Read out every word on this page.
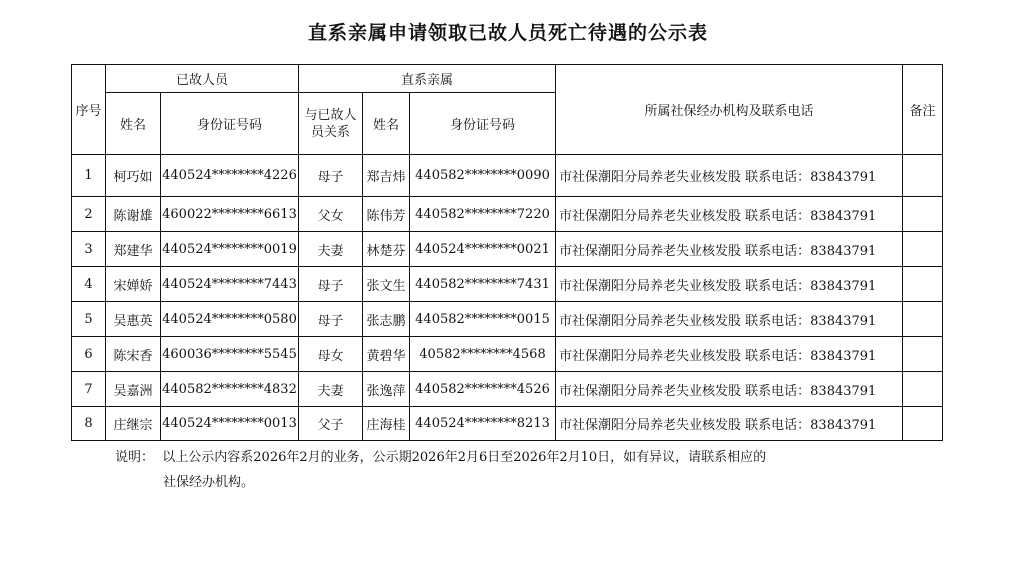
直系亲属申请领取已故人员死亡待遇的公示表
序号	已故人员		直系亲属			所属社保经办机构及联系电话	备注
	姓名	身份证号码	与已故人员关系	姓名	身份证号码		
1	柯巧如	440524********4226	母子	郑吉炜	440582********0090	市社保潮阳分局养老失业核发股 联系电话：83843791	
2	陈谢雄	460022********6613	父女	陈伟芳	440582********7220	市社保潮阳分局养老失业核发股 联系电话：83843791	
3	郑建华	440524********0019	夫妻	林楚芬	440524********0021	市社保潮阳分局养老失业核发股 联系电话：83843791	
4	宋婵娇	440524********7443	母子	张文生	440582********7431	市社保潮阳分局养老失业核发股 联系电话：83843791	
5	吴惠英	440524********0580	母子	张志鹏	440582********0015	市社保潮阳分局养老失业核发股 联系电话：83843791	
6	陈宋香	460036********5545	母女	黄碧华	40582********4568	市社保潮阳分局养老失业核发股 联系电话：83843791	
7	吴嘉洲	440582********4832	夫妻	张逸萍	440582********4526	市社保潮阳分局养老失业核发股 联系电话：83843791	
8	庄继宗	440524********0013	父子	庄海桂	440524********8213	市社保潮阳分局养老失业核发股 联系电话：83843791	
说明： 以上公示内容系2026年2月的业务，公示期2026年2月6日至2026年2月10日，如有异议，请联系相应的
社保经办机构。
